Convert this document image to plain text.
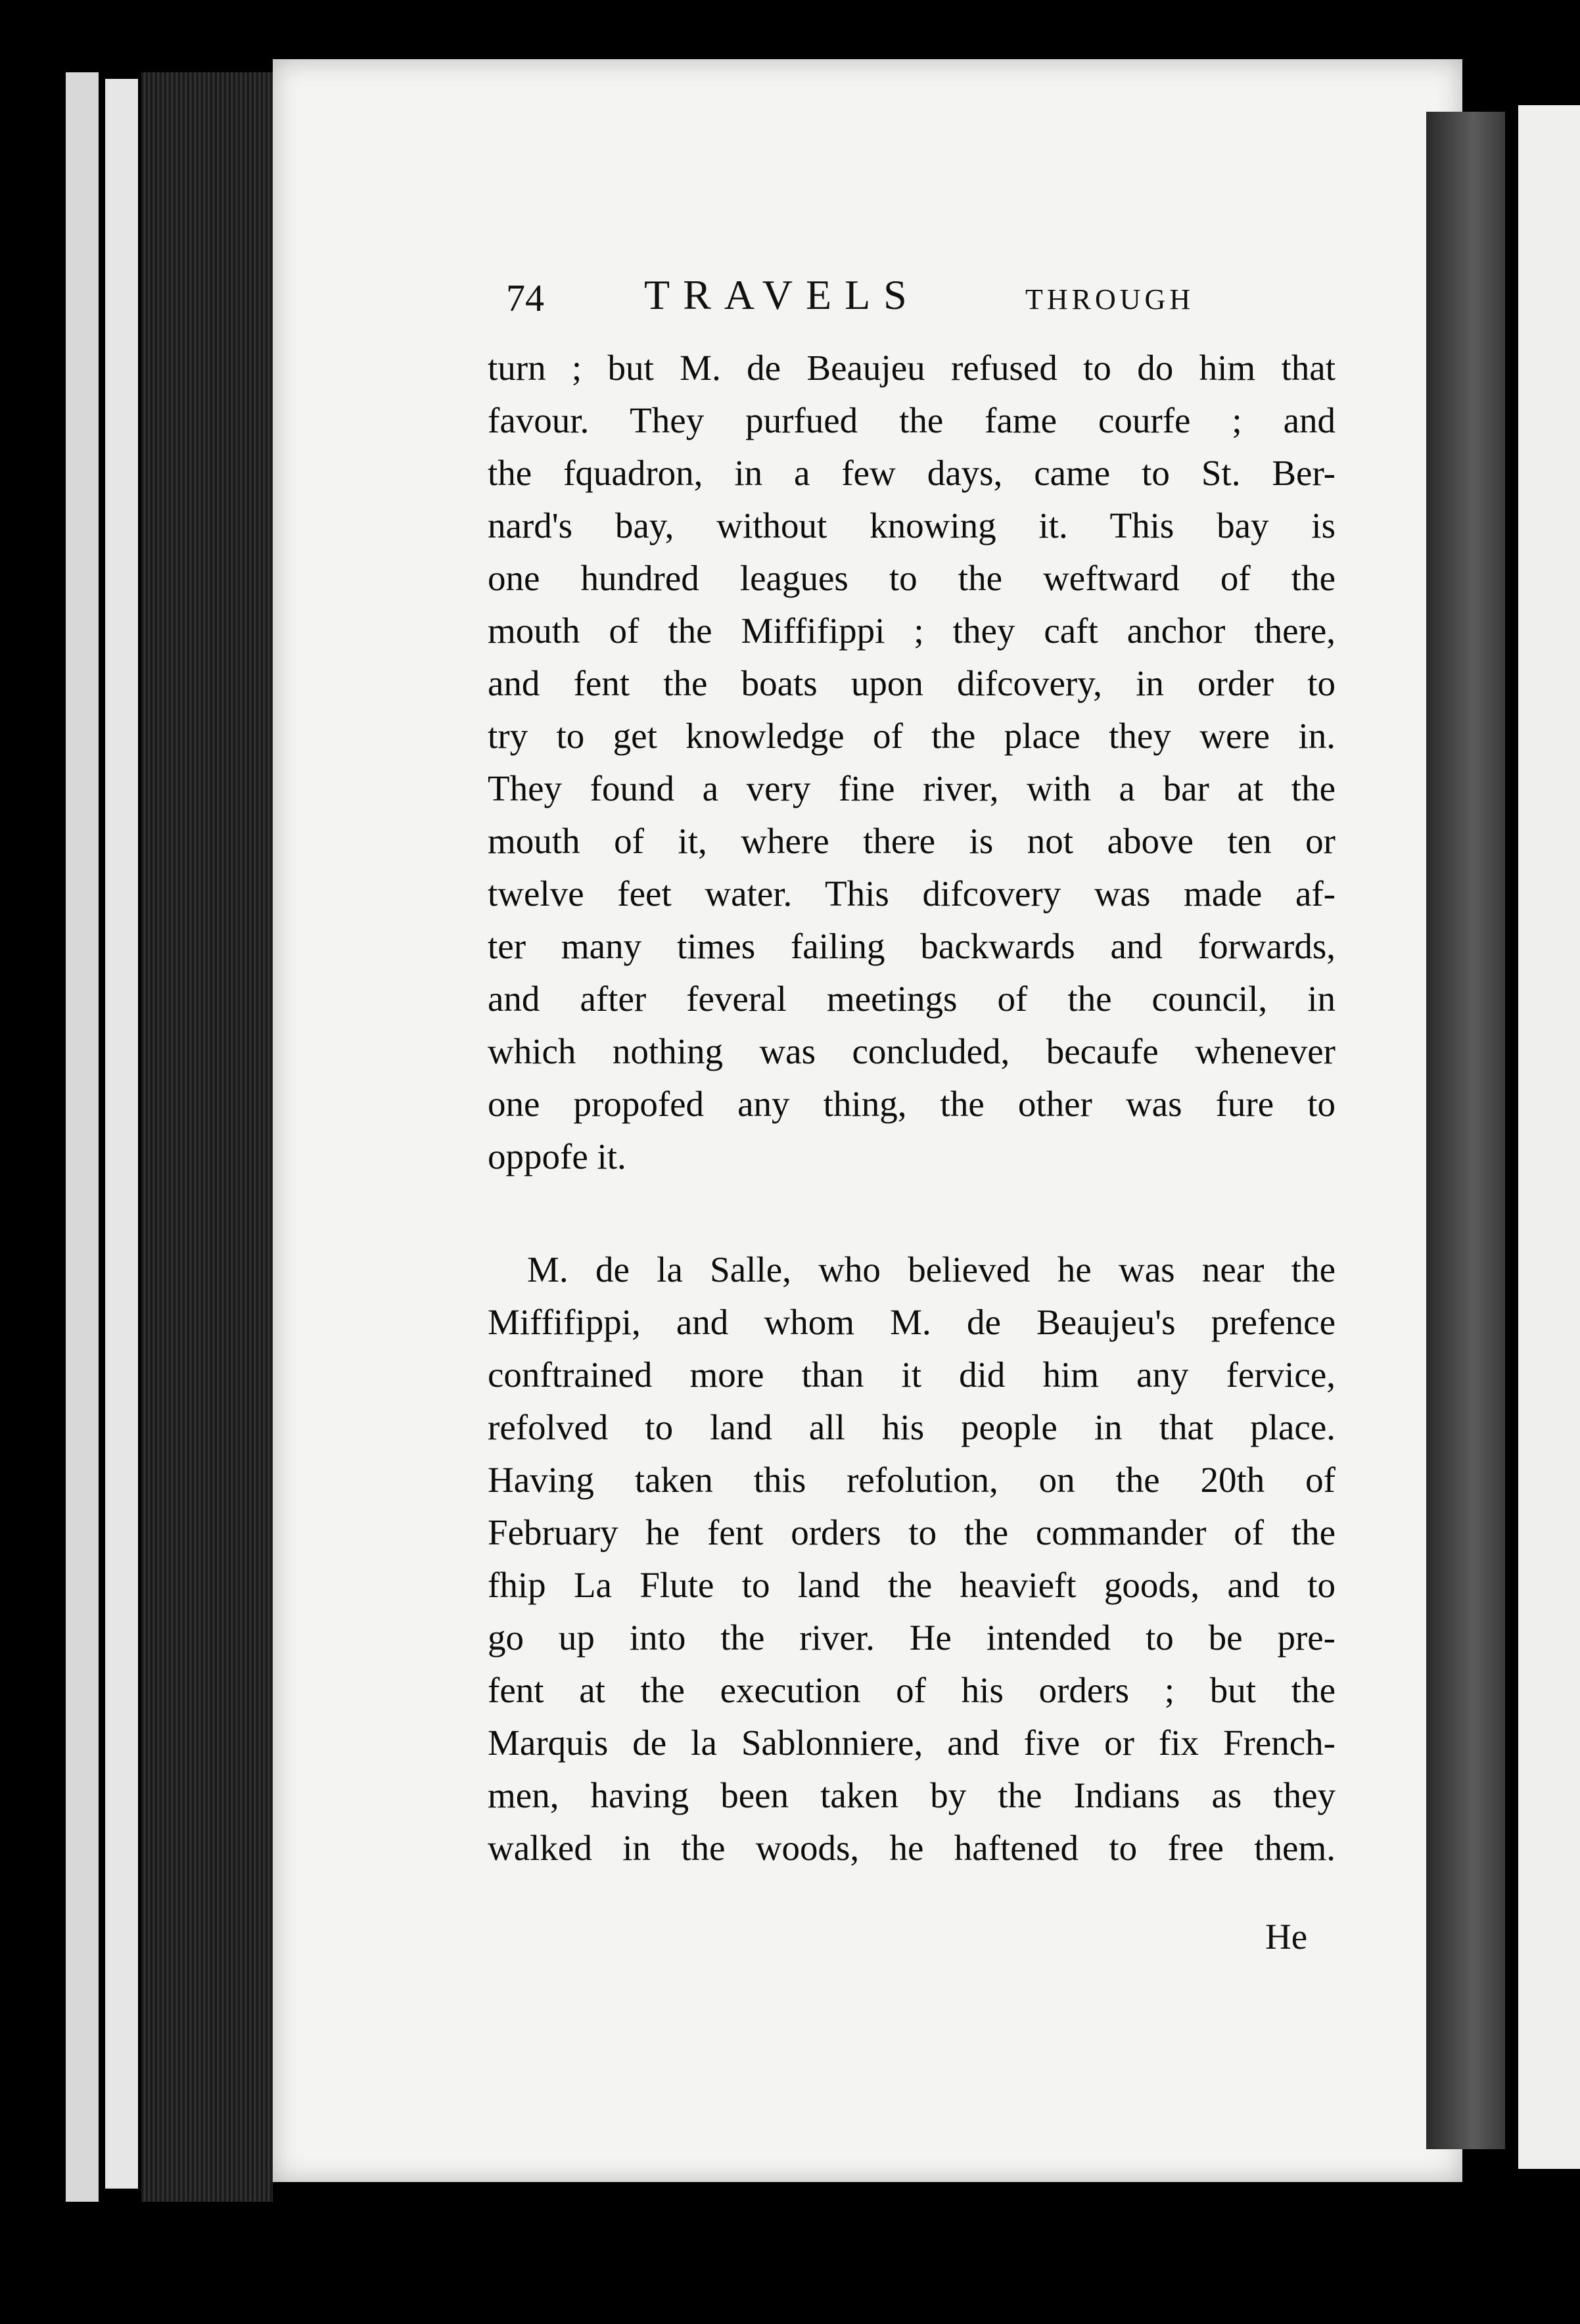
74 TRAVELS	THROUGH
turn ; but M. de Beaujeu refused to do him that
favour. They purfued the fame courfe ; and
the fquadron, in a few days, came to St. Ber-
nard's bay, without knowing it. This bay is
one hundred leagues to the weftward of the
mouth of the Miffifippi ; they caft anchor there,
and fent the boats upon difcovery, in order to
try to get knowledge of the place they were in.
They found a very fine river, with a bar at the
mouth of it, where there is not above ten or
twelve feet water. This difcovery was made af-
ter many times failing backwards and forwards,
and after feveral meetings of the council, in
which nothing was concluded, becaufe whenever
one propofed any thing, the other was fure to
oppofe it.
M. de la Salle, who believed he was near the
Miffifippi, and whom M. de Beaujeu's prefence
conftrained more than it did him any fervice,
refolved to land all his people in that place.
Having taken this refolution, on the 20th of
February he fent orders to the commander of the
fhip La Flute to land the heavieft goods, and to
go up into the river. He intended to be pre-
fent at the execution of his orders ; but the
Marquis de la Sablonniere, and five or fix French-
men, having been taken by the Indians as they
walked in the woods, he haftened to free them.
He
